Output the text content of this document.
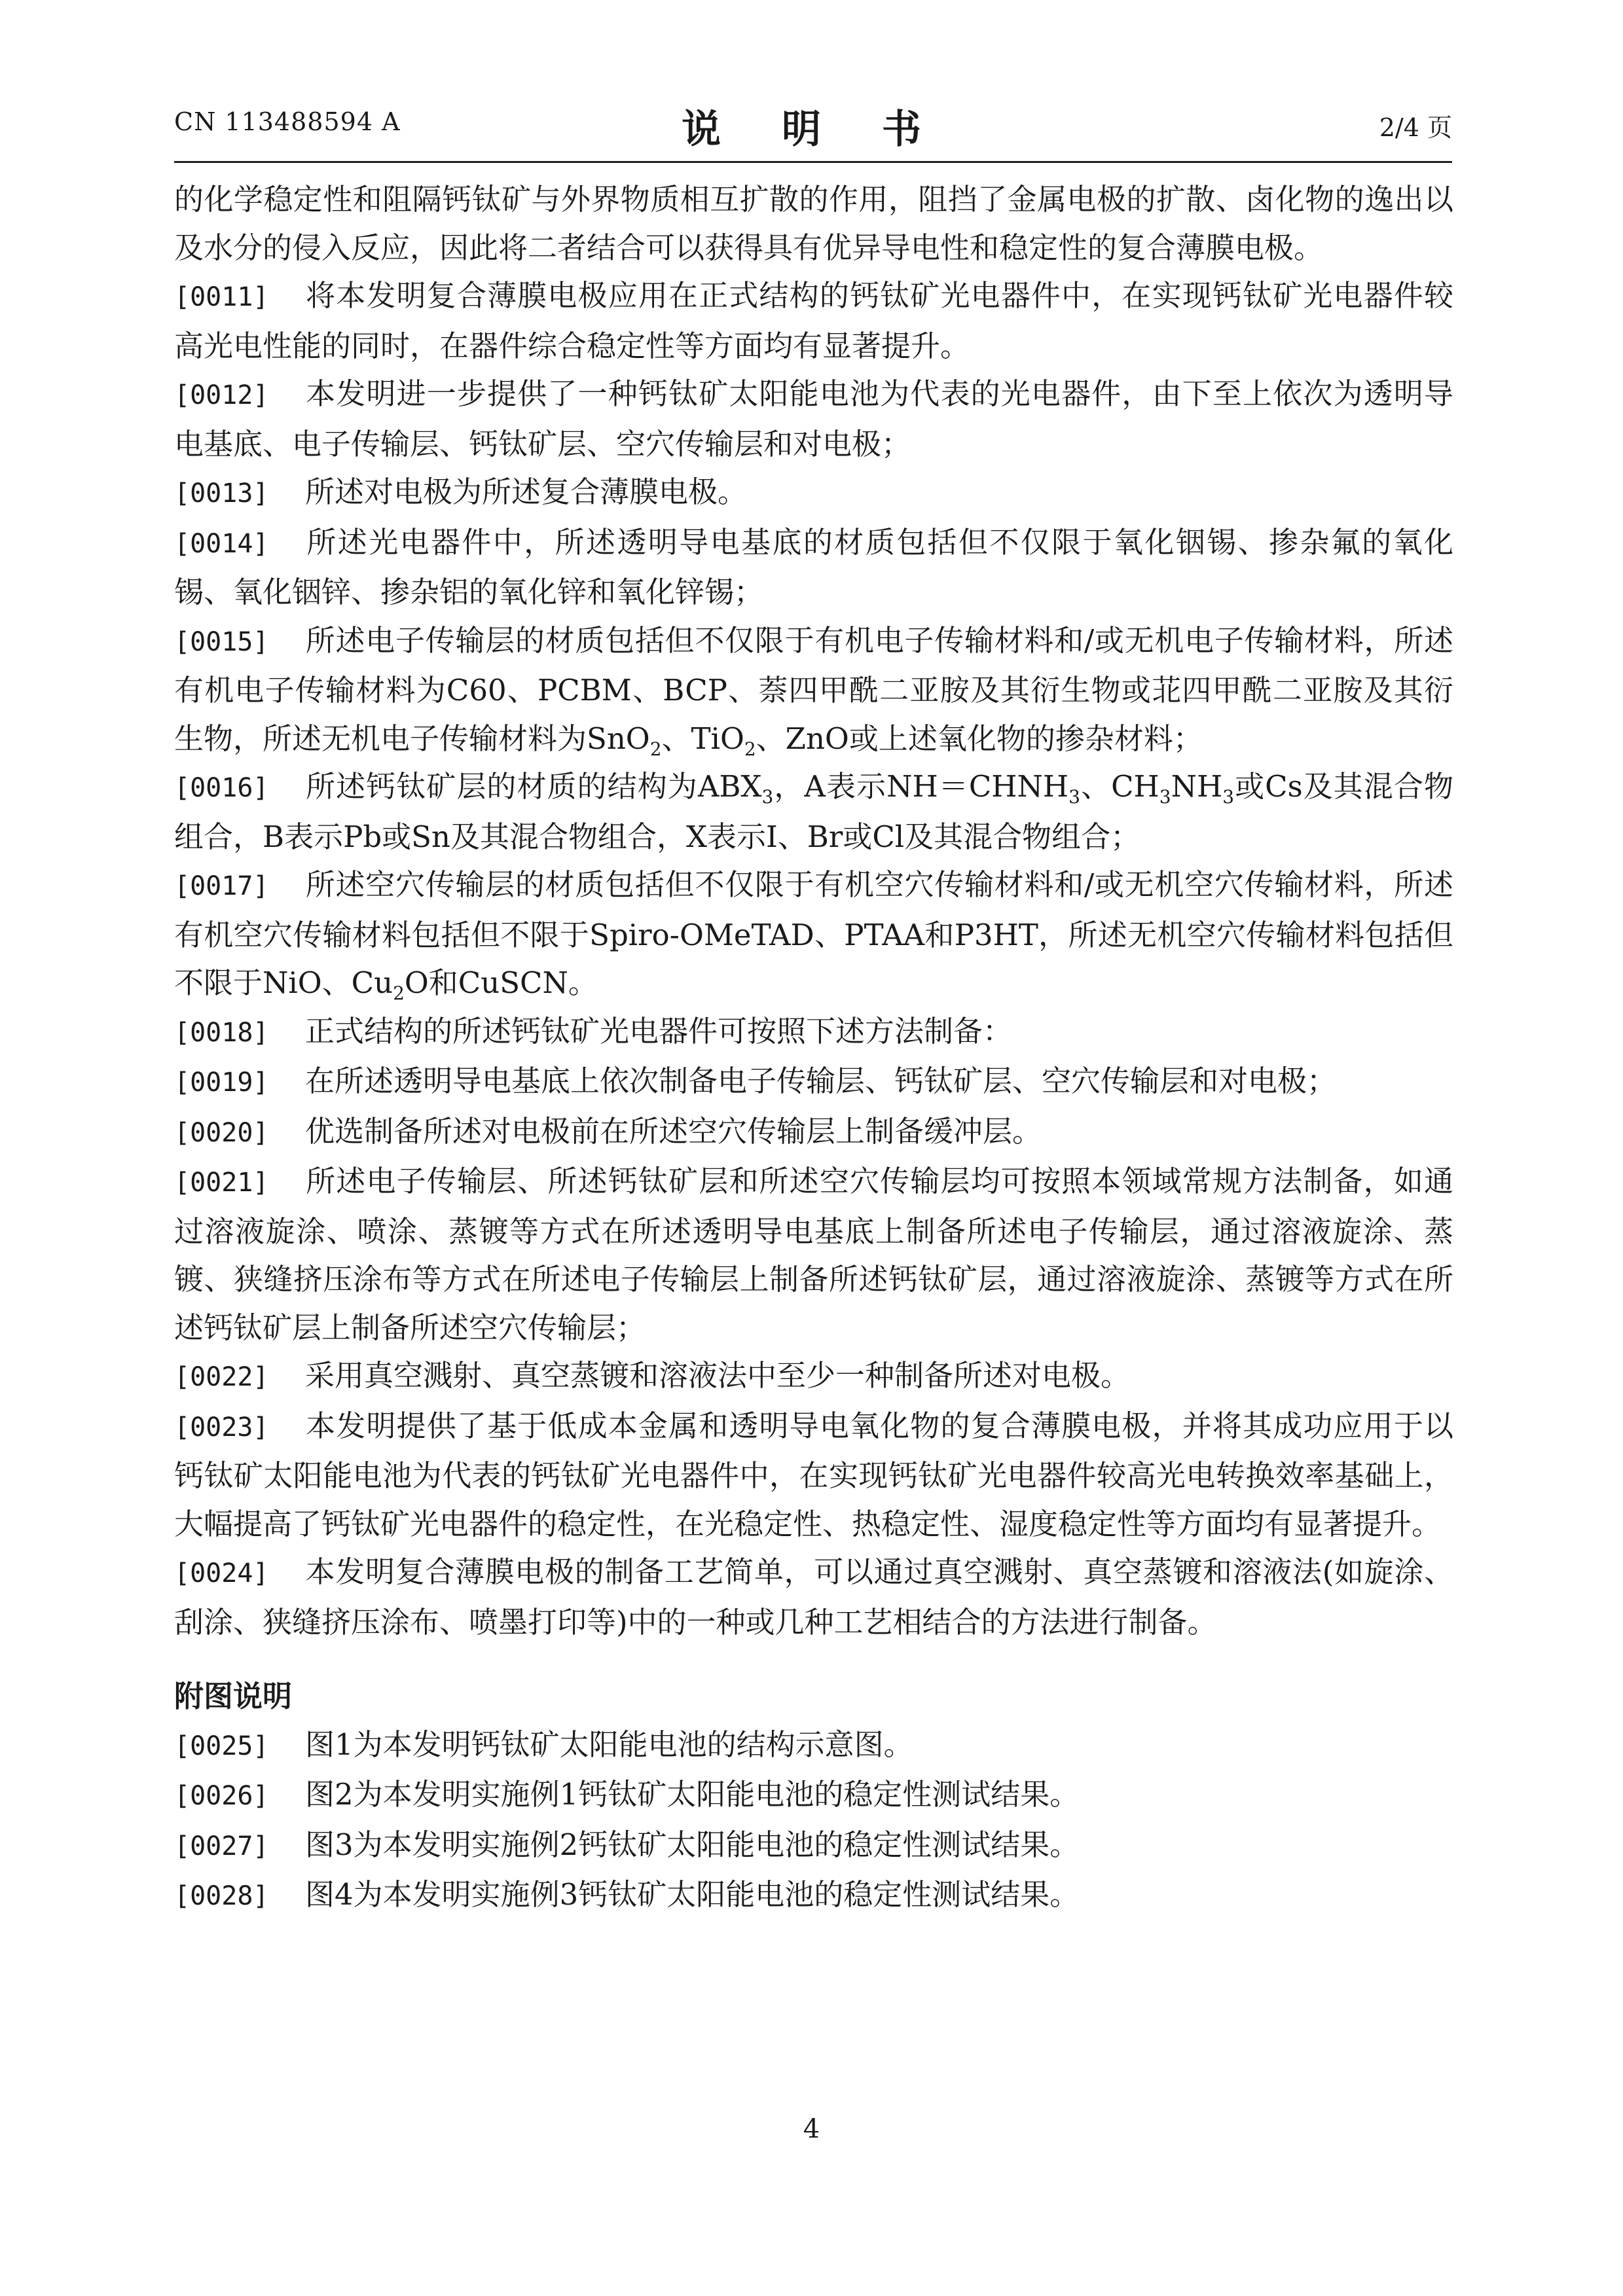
CN 113488594 A	说 明 书	2/4 页

的化学稳定性和阻隔钙钛矿与外界物质相互扩散的作用，阻挡了金属电极的扩散、卤化物的逸出以及水分的侵入反应，因此将二者结合可以获得具有优异导电性和稳定性的复合薄膜电极。

[0011] 将本发明复合薄膜电极应用在正式结构的钙钛矿光电器件中，在实现钙钛矿光电器件较高光电性能的同时，在器件综合稳定性等方面均有显著提升。

[0012] 本发明进一步提供了一种钙钛矿太阳能电池为代表的光电器件，由下至上依次为透明导电基底、电子传输层、钙钛矿层、空穴传输层和对电极；

[0013] 所述对电极为所述复合薄膜电极。

[0014] 所述光电器件中，所述透明导电基底的材质包括但不仅限于氧化铟锡、掺杂氟的氧化锡、氧化铟锌、掺杂铝的氧化锌和氧化锌锡；

[0015] 所述电子传输层的材质包括但不仅限于有机电子传输材料和/或无机电子传输材料，所述有机电子传输材料为C60、PCBM、BCP、萘四甲酰二亚胺及其衍生物或苝四甲酰二亚胺及其衍生物，所述无机电子传输材料为SnO$_2$、TiO$_2$、ZnO或上述氧化物的掺杂材料；

[0016] 所述钙钛矿层的材质的结构为$ABX_3$，A表示$NH=CHNH_3$、$CH_3NH_3$或Cs及其混合物组合，B表示Pb或Sn及其混合物组合，X表示I、Br或Cl及其混合物组合；

[0017] 所述空穴传输层的材质包括但不仅限于有机空穴传输材料和/或无机空穴传输材料，所述有机空穴传输材料包括但不限于Spiro-OMeTAD、PTAA和P3HT，所述无机空穴传输材料包括但不限于NiO、$Cu_2O$和CuSCN。

[0018] 正式结构的所述钙钛矿光电器件可按照下述方法制备：

[0019] 在所述透明导电基底上依次制备电子传输层、钙钛矿层、空穴传输层和对电极；

[0020] 优选制备所述对电极前在所述空穴传输层上制备缓冲层。

[0021] 所述电子传输层、所述钙钛矿层和所述空穴传输层均可按照本领域常规方法制备，如通过溶液旋涂、喷涂、蒸镀等方式在所述透明导电基底上制备所述电子传输层，通过溶液旋涂、蒸镀、狭缝挤压涂布等方式在所述电子传输层上制备所述钙钛矿层，通过溶液旋涂、蒸镀等方式在所述钙钛矿层上制备所述空穴传输层；

[0022] 采用真空溅射、真空蒸镀和溶液法中至少一种制备所述对电极。

[0023] 本发明提供了基于低成本金属和透明导电氧化物的复合薄膜电极，并将其成功应用于以钙钛矿太阳能电池为代表的钙钛矿光电器件中，在实现钙钛矿光电器件较高光电转换效率基础上，大幅提高了钙钛矿光电器件的稳定性，在光稳定性、热稳定性、湿度稳定性等方面均有显著提升。

[0024] 本发明复合薄膜电极的制备工艺简单，可以通过真空溅射、真空蒸镀和溶液法(如旋涂、刮涂、狭缝挤压涂布、喷墨打印等)中的一种或几种工艺相结合的方法进行制备。

附图说明

[0025] 图1为本发明钙钛矿太阳能电池的结构示意图。

[0026] 图2为本发明实施例1钙钛矿太阳能电池的稳定性测试结果。

[0027] 图3为本发明实施例2钙钛矿太阳能电池的稳定性测试结果。

[0028] 图4为本发明实施例3钙钛矿太阳能电池的稳定性测试结果。

4
